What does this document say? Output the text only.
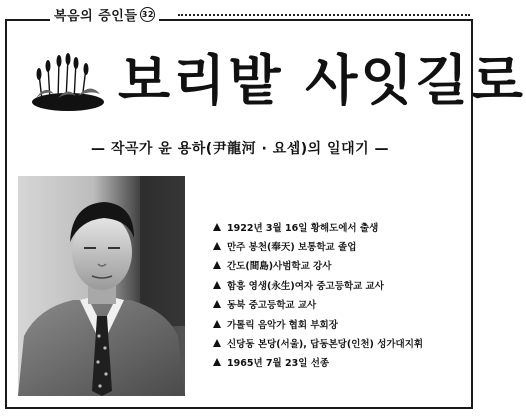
복음의 증인들 32
보리밭 사잇길로
— 작곡가 윤 용하(尹龍河 · 요셉)의 일대기 —
1922년 3월 16일 황해도에서 출생
만주 봉천(奉天) 보통학교 졸업
간도(間島)사범학교 강사
함흥 영생(永生)여자 중고등학교 교사
동북 중고등학교 교사
가톨릭 음악가 협회 부회장
신당동 본당(서울), 답동본당(인천) 성가대지휘
1965년 7월 23일 선종
